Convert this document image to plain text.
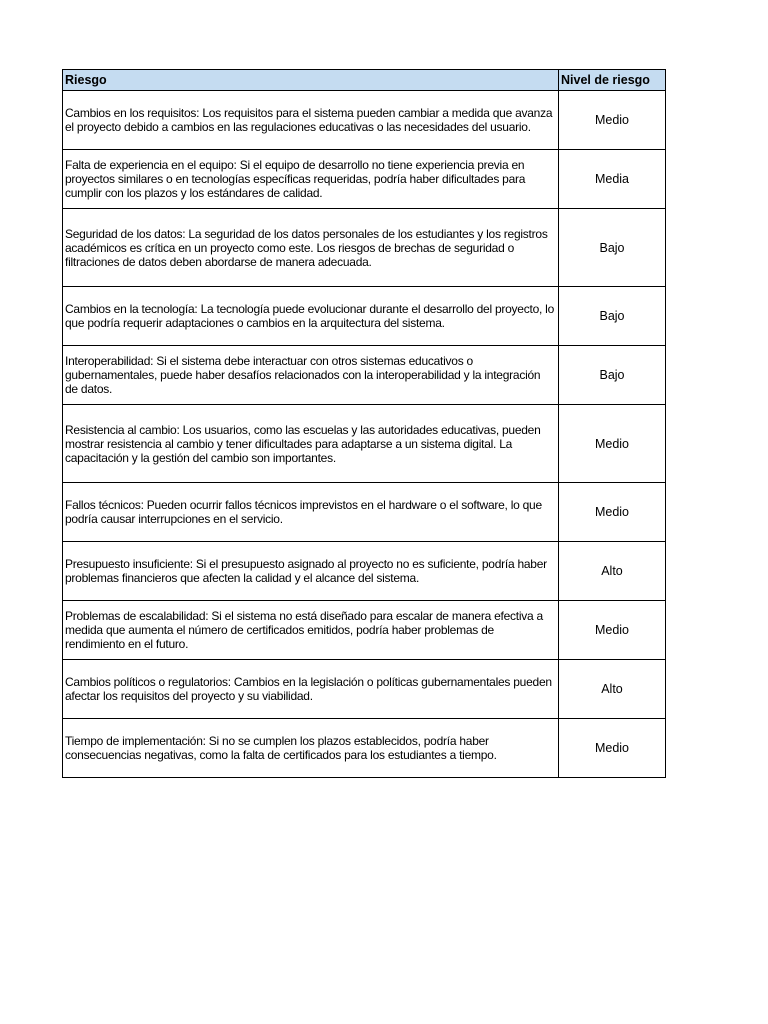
Riesgo	Nivel de riesgo
Cambios en los requisitos: Los requisitos para el sistema pueden cambiar a medida que avanza el proyecto debido a cambios en las regulaciones educativas o las necesidades del usuario.	Medio
Falta de experiencia en el equipo: Si el equipo de desarrollo no tiene experiencia previa en proyectos similares o en tecnologías específicas requeridas, podría haber dificultades para cumplir con los plazos y los estándares de calidad.	Media
Seguridad de los datos: La seguridad de los datos personales de los estudiantes y los registros académicos es crítica en un proyecto como este. Los riesgos de brechas de seguridad o filtraciones de datos deben abordarse de manera adecuada.	Bajo
Cambios en la tecnología: La tecnología puede evolucionar durante el desarrollo del proyecto, lo que podría requerir adaptaciones o cambios en la arquitectura del sistema.	Bajo
Interoperabilidad: Si el sistema debe interactuar con otros sistemas educativos o gubernamentales, puede haber desafíos relacionados con la interoperabilidad y la integración de datos.	Bajo
Resistencia al cambio: Los usuarios, como las escuelas y las autoridades educativas, pueden mostrar resistencia al cambio y tener dificultades para adaptarse a un sistema digital. La capacitación y la gestión del cambio son importantes.	Medio
Fallos técnicos: Pueden ocurrir fallos técnicos imprevistos en el hardware o el software, lo que podría causar interrupciones en el servicio.	Medio
Presupuesto insuficiente: Si el presupuesto asignado al proyecto no es suficiente, podría haber problemas financieros que afecten la calidad y el alcance del sistema.	Alto
Problemas de escalabilidad: Si el sistema no está diseñado para escalar de manera efectiva a medida que aumenta el número de certificados emitidos, podría haber problemas de rendimiento en el futuro.	Medio
Cambios políticos o regulatorios: Cambios en la legislación o políticas gubernamentales pueden afectar los requisitos del proyecto y su viabilidad.	Alto
Tiempo de implementación: Si no se cumplen los plazos establecidos, podría haber consecuencias negativas, como la falta de certificados para los estudiantes a tiempo.	Medio
